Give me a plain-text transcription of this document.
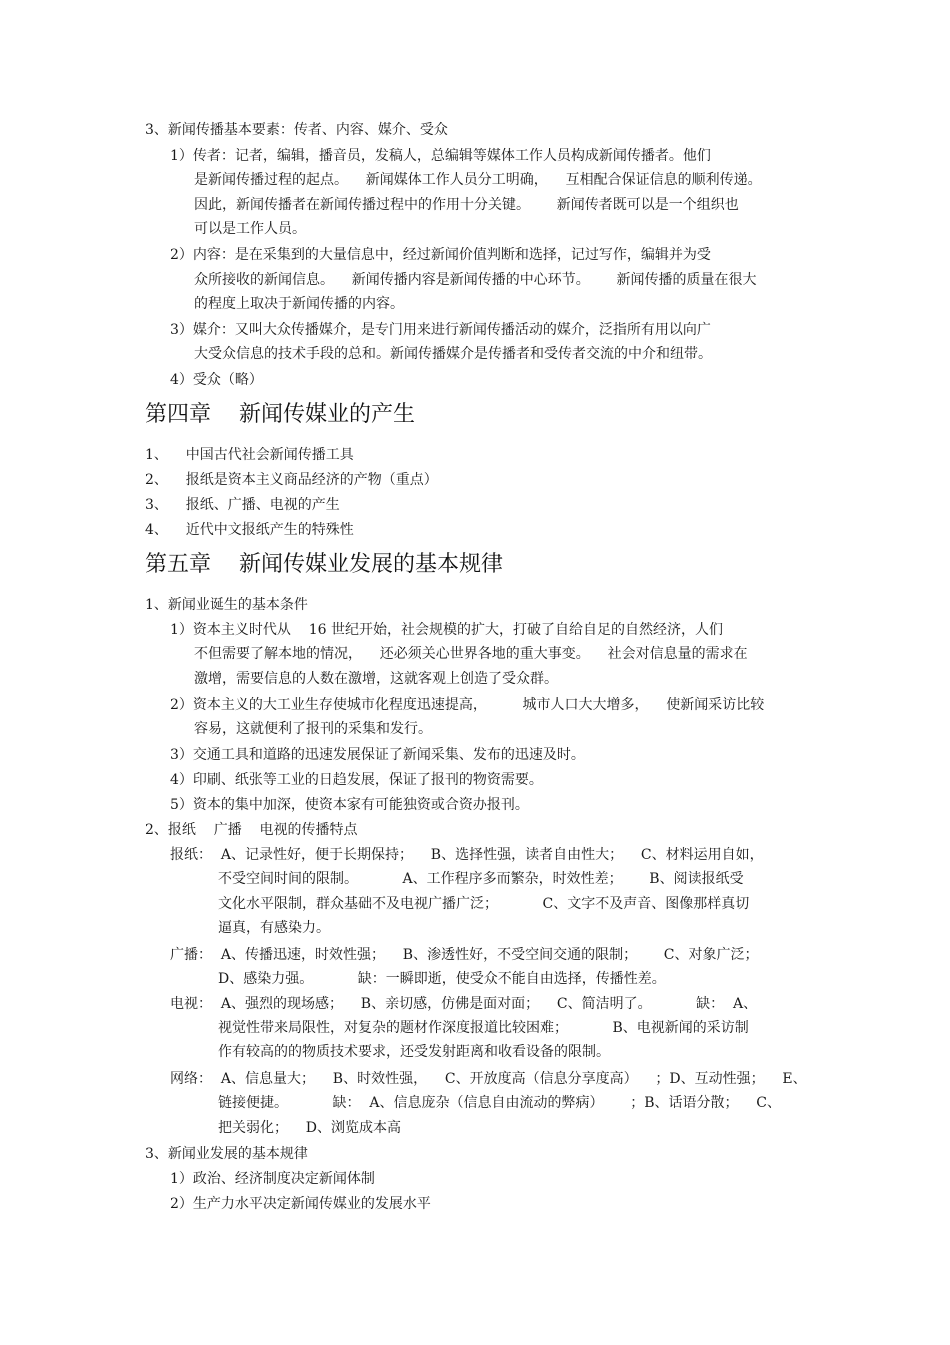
3、新闻传播基本要素：传者、内容、媒介、受众
1）传者：记者，编辑，播音员，发稿人，总编辑等媒体工作人员构成新闻传播者。他们
是新闻传播过程的起点。    新闻媒体工作人员分工明确，    互相配合保证信息的顺利传递。
因此，新闻传播者在新闻传播过程中的作用十分关键。      新闻传者既可以是一个组织也
可以是工作人员。
2）内容：是在采集到的大量信息中，经过新闻价值判断和选择，记过写作，编辑并为受
众所接收的新闻信息。    新闻传播内容是新闻传播的中心环节。      新闻传播的质量在很大
的程度上取决于新闻传播的内容。
3）媒介：又叫大众传播媒介，是专门用来进行新闻传播活动的媒介，泛指所有用以向广
大受众信息的技术手段的总和。新闻传播媒介是传播者和受传者交流的中介和纽带。
4）受众（略）
第四章    新闻传媒业的产生
1、    中国古代社会新闻传播工具
2、    报纸是资本主义商品经济的产物（重点）
3、    报纸、广播、电视的产生
4、    近代中文报纸产生的特殊性
第五章    新闻传媒业发展的基本规律
1、新闻业诞生的基本条件
1）资本主义时代从    16 世纪开始，社会规模的扩大，打破了自给自足的自然经济，人们
不但需要了解本地的情况，    还必须关心世界各地的重大事变。    社会对信息量的需求在
激增，需要信息的人数在激增，这就客观上创造了受众群。
2）资本主义的大工业生存使城市化程度迅速提高，        城市人口大大增多，    使新闻采访比较
容易，这就便利了报刊的采集和发行。
3）交通工具和道路的迅速发展保证了新闻采集、发布的迅速及时。
4）印刷、纸张等工业的日趋发展，保证了报刊的物资需要。
5）资本的集中加深，使资本家有可能独资或合资办报刊。
2、报纸    广播    电视的传播特点
报纸：  A、记录性好，便于长期保持；    B、选择性强，读者自由性大；    C、材料运用自如，
不受空间时间的限制。          A、工作程序多而繁杂，时效性差；      B、阅读报纸受
文化水平限制，群众基础不及电视广播广泛；          C、文字不及声音、图像那样真切
逼真，有感染力。
广播：  A、传播迅速，时效性强；    B、渗透性好，不受空间交通的限制；      C、对象广泛；
D、感染力强。          缺：一瞬即逝，使受众不能自由选择，传播性差。
电视：  A、强烈的现场感；    B、亲切感，仿佛是面对面；    C、简洁明了。          缺：  A、
视觉性带来局限性，对复杂的题材作深度报道比较困难；          B、电视新闻的采访制
作有较高的的物质技术要求，还受发射距离和收看设备的限制。
网络：  A、信息量大；    B、时效性强，    C、开放度高（信息分享度高）    ；D、互动性强；    E、
链接便捷。          缺：  A、信息庞杂（信息自由流动的弊病）      ；B、话语分散；    C、
把关弱化；    D、浏览成本高
3、新闻业发展的基本规律
1）政治、经济制度决定新闻体制
2）生产力水平决定新闻传媒业的发展水平
